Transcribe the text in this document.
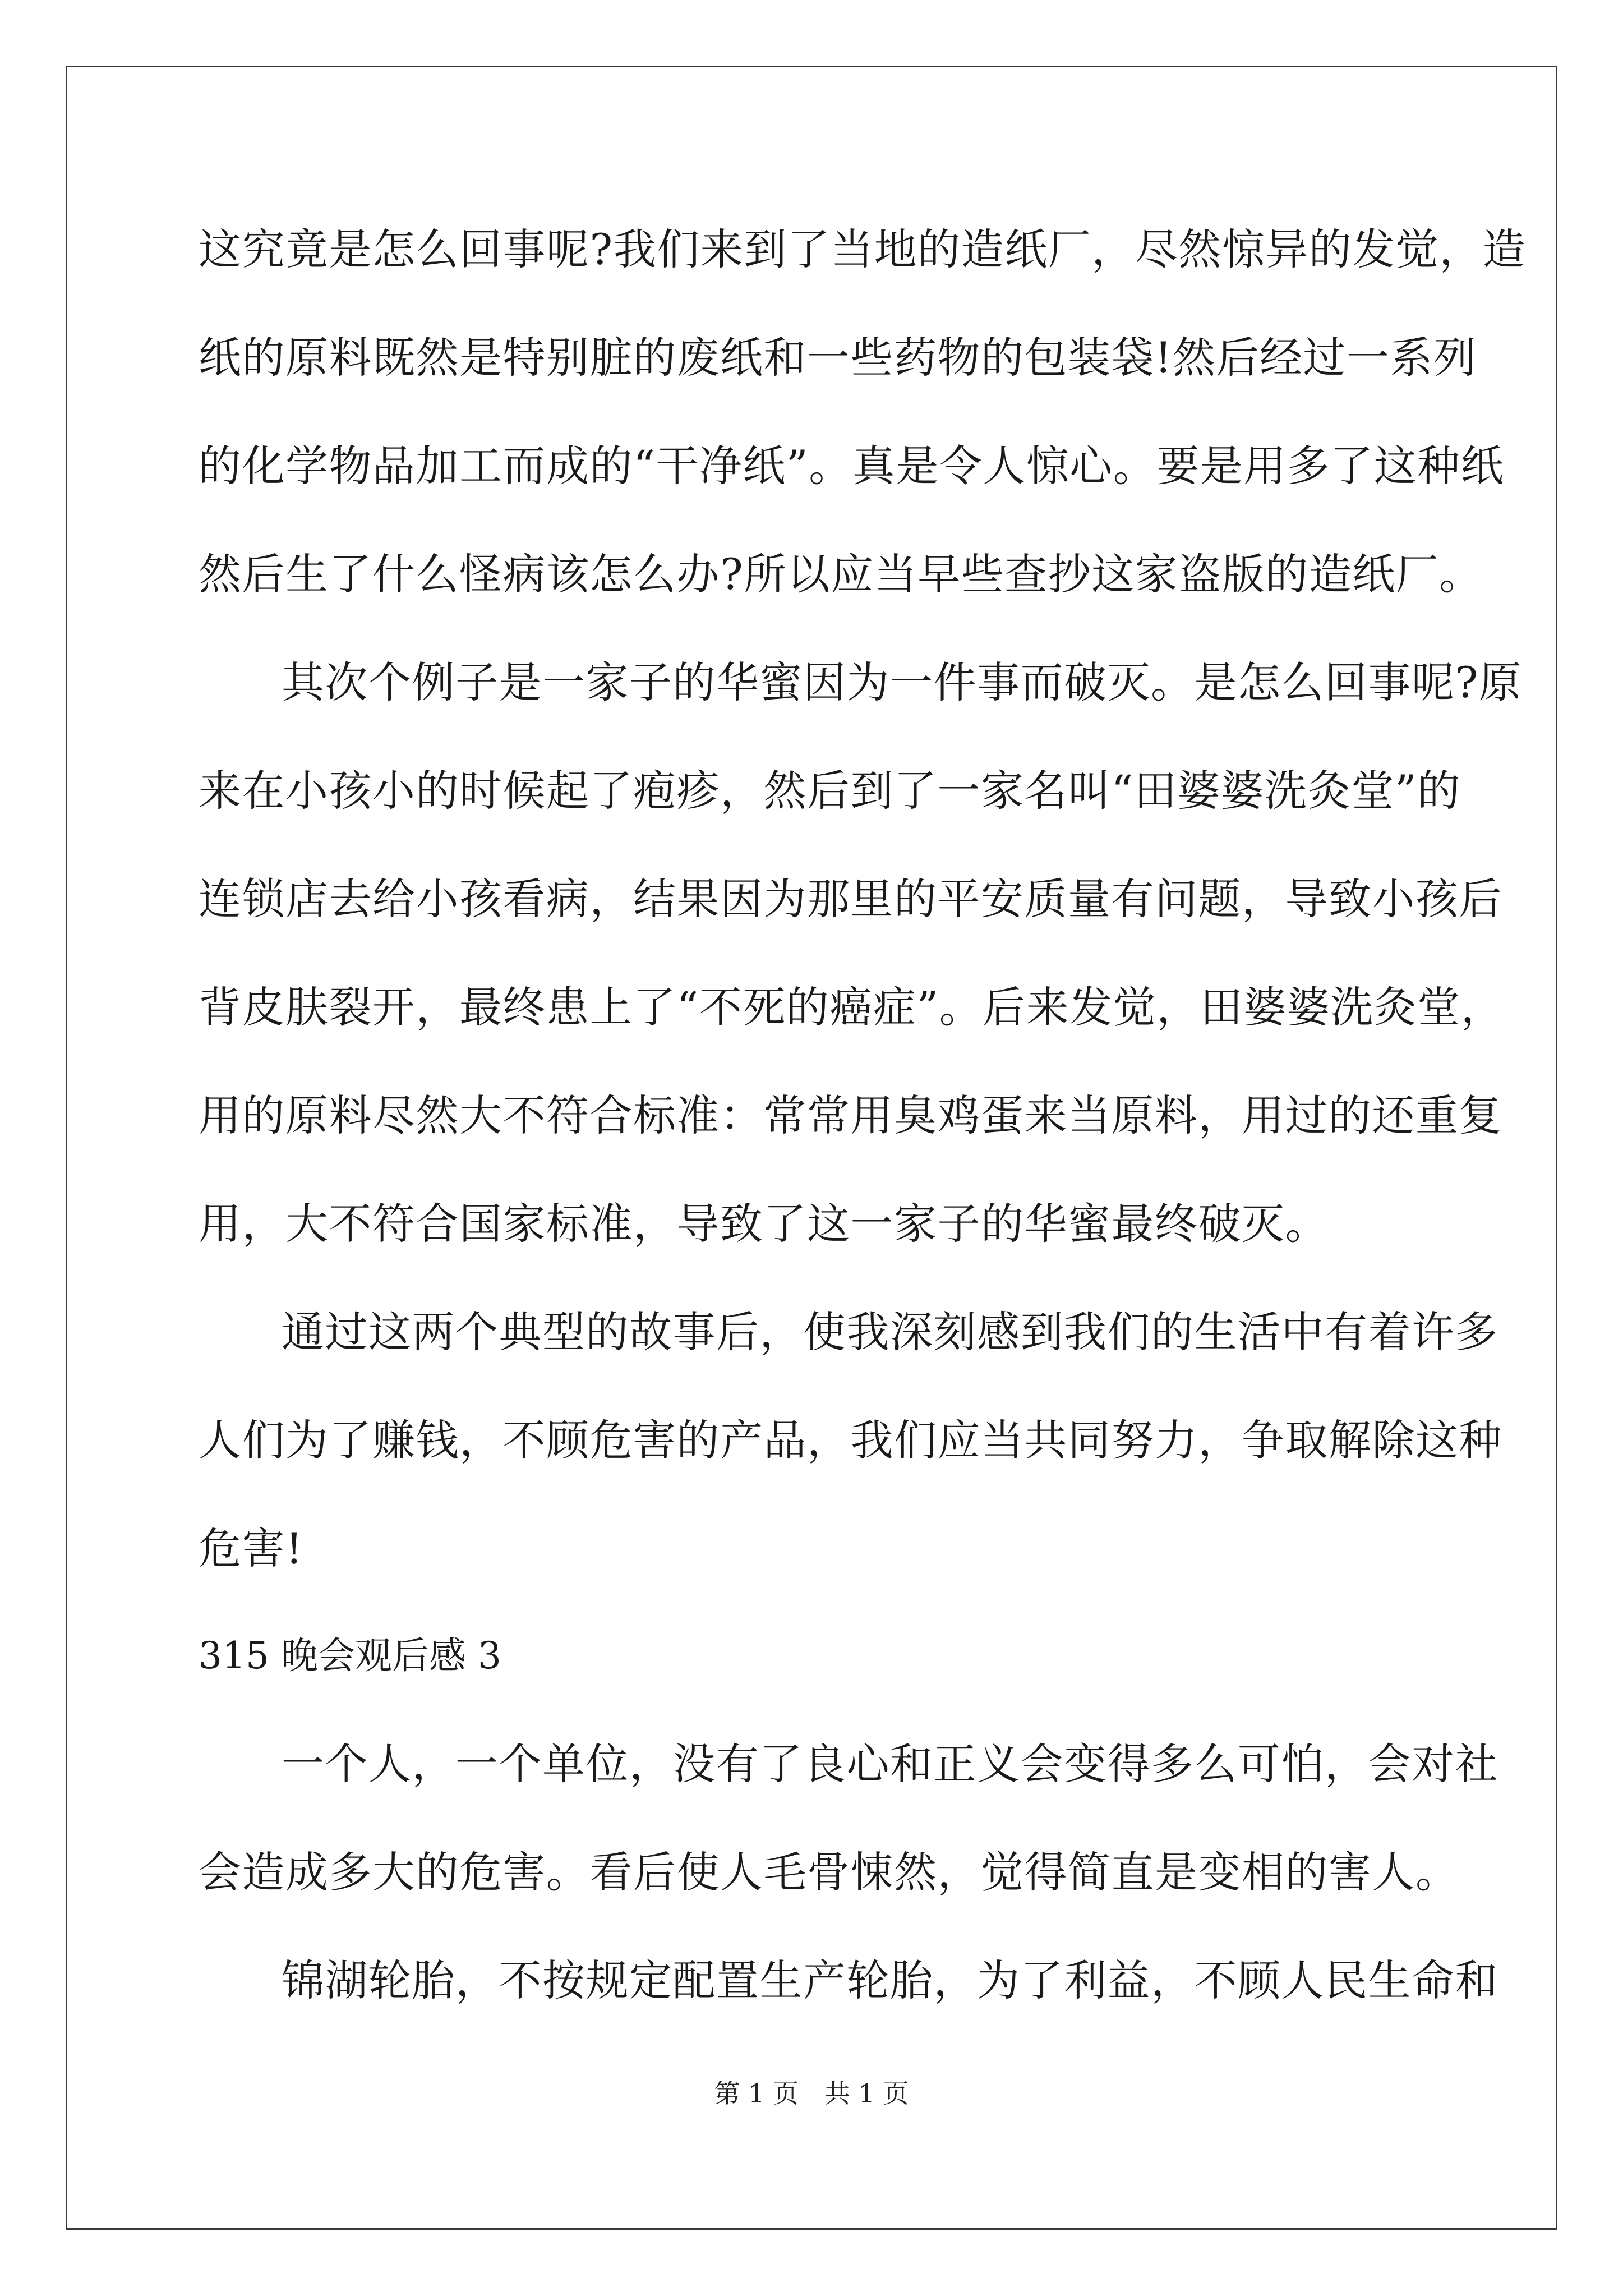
这究竟是怎么回事呢?我们来到了当地的造纸厂，尽然惊异的发觉，造
纸的原料既然是特别脏的废纸和一些药物的包装袋!然后经过一系列
的化学物品加工而成的“干净纸”。真是令人惊心。要是用多了这种纸
然后生了什么怪病该怎么办?所以应当早些查抄这家盗版的造纸厂。
其次个例子是一家子的华蜜因为一件事而破灭。是怎么回事呢?原
来在小孩小的时候起了疱疹，然后到了一家名叫“田婆婆洗灸堂”的
连锁店去给小孩看病，结果因为那里的平安质量有问题，导致小孩后
背皮肤裂开，最终患上了“不死的癌症”。后来发觉，田婆婆洗灸堂，
用的原料尽然大不符合标准：常常用臭鸡蛋来当原料，用过的还重复
用，大不符合国家标准，导致了这一家子的华蜜最终破灭。
通过这两个典型的故事后，使我深刻感到我们的生活中有着许多
人们为了赚钱，不顾危害的产品，我们应当共同努力，争取解除这种
危害!
315 晚会观后感 3
一个人，一个单位，没有了良心和正义会变得多么可怕，会对社
会造成多大的危害。看后使人毛骨悚然，觉得简直是变相的害人。
锦湖轮胎，不按规定配置生产轮胎，为了利益，不顾人民生命和
第 1 页　共 1 页
